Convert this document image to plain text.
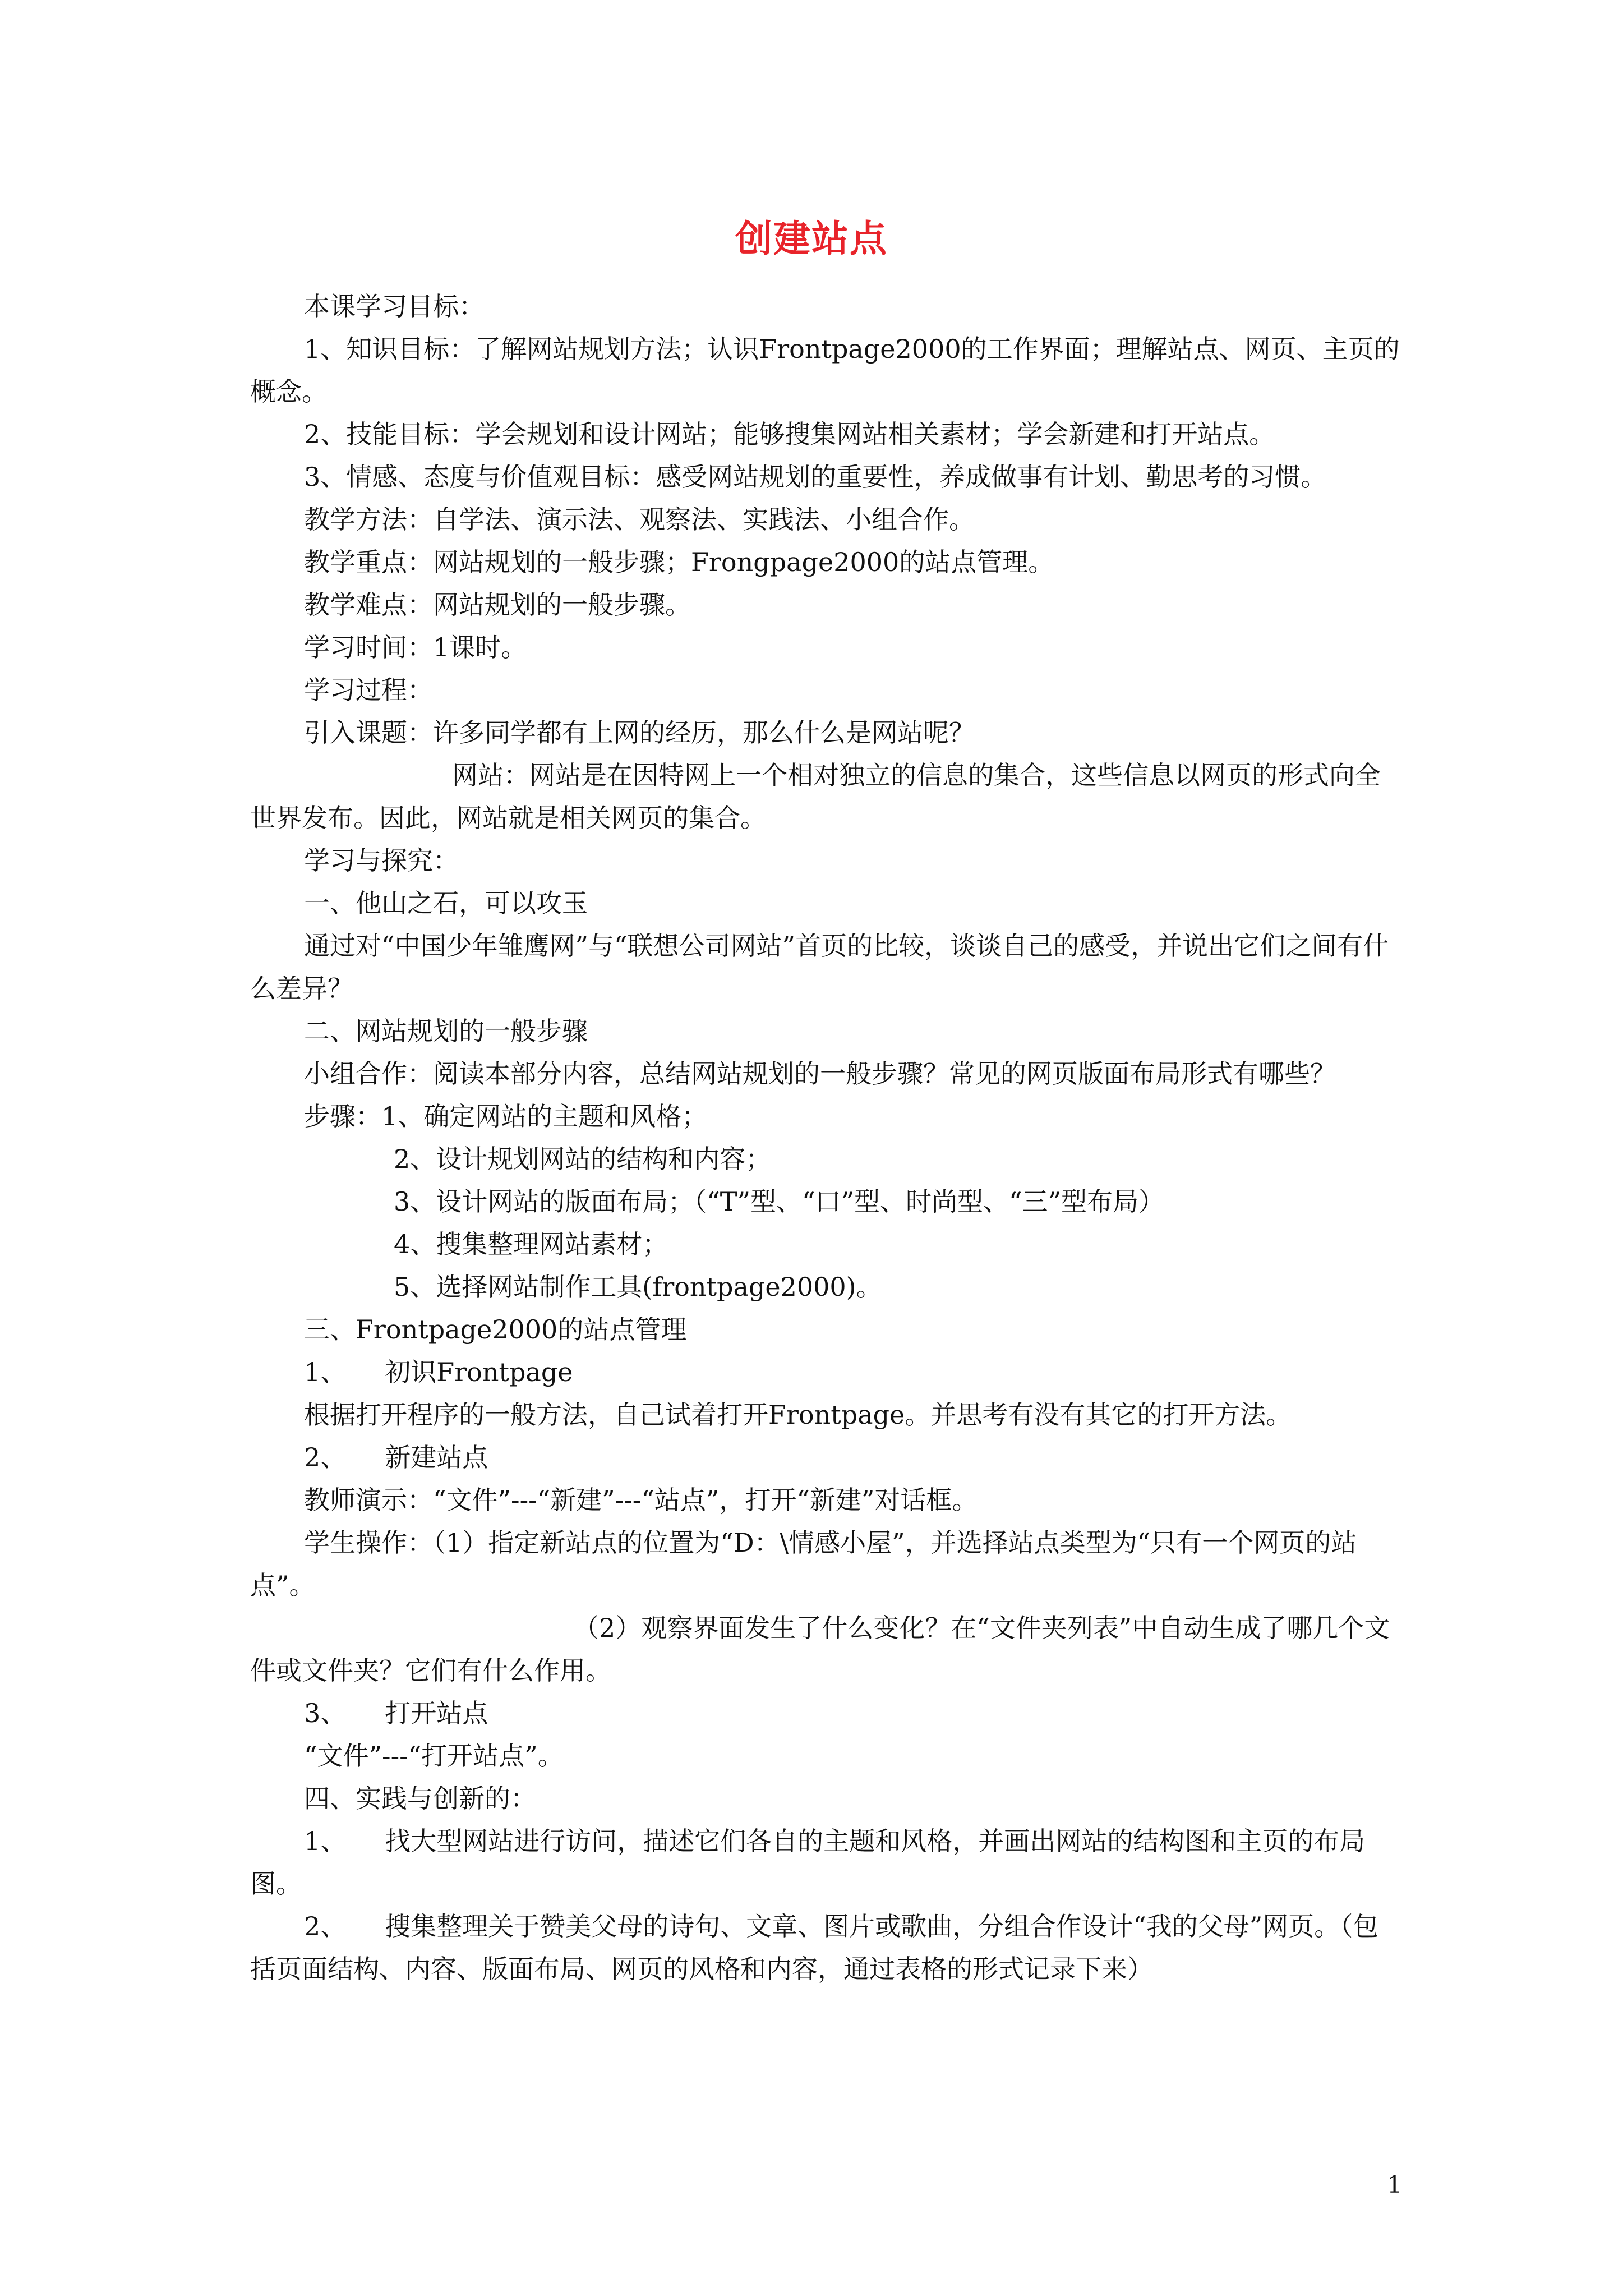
创建站点

本课学习目标：

1、知识目标：了解网站规划方法；认识Frontpage2000的工作界面；理解站点、网页、主页的概念。

2、技能目标：学会规划和设计网站；能够搜集网站相关素材；学会新建和打开站点。

3、情感、态度与价值观目标：感受网站规划的重要性，养成做事有计划、勤思考的习惯。

教学方法：自学法、演示法、观察法、实践法、小组合作。

教学重点：网站规划的一般步骤；Frongpage2000的站点管理。

教学难点：网站规划的一般步骤。

学习时间：1课时。

学习过程：

引入课题：许多同学都有上网的经历，那么什么是网站呢？

网站：网站是在因特网上一个相对独立的信息的集合，这些信息以网页的形式向全世界发布。因此，网站就是相关网页的集合。

学习与探究：

一、他山之石，可以攻玉

通过对“中国少年雏鹰网”与“联想公司网站”首页的比较，谈谈自己的感受，并说出它们之间有什么差异？

二、网站规划的一般步骤

小组合作：阅读本部分内容，总结网站规划的一般步骤？常见的网页版面布局形式有哪些？

步骤：1、确定网站的主题和风格；

2、设计规划网站的结构和内容；

3、设计网站的版面布局；（“T”型、“口”型、时尚型、“三”型布局）

4、搜集整理网站素材；

5、选择网站制作工具(frontpage2000)。

三、Frontpage2000的站点管理

1、　　初识Frontpage

根据打开程序的一般方法，自己试着打开Frontpage。并思考有没有其它的打开方法。

2、　　新建站点

教师演示：“文件”---“新建”---“站点”，打开“新建”对话框。

学生操作：（1）指定新站点的位置为“D：\情感小屋”，并选择站点类型为“只有一个网页的站点”。

（2）观察界面发生了什么变化？在“文件夹列表”中自动生成了哪几个文件或文件夹？它们有什么作用。

3、　　打开站点

“文件”---“打开站点”。

四、实践与创新的：

1、　　找大型网站进行访问，描述它们各自的主题和风格，并画出网站的结构图和主页的布局图。

2、　　搜集整理关于赞美父母的诗句、文章、图片或歌曲，分组合作设计“我的父母”网页。（包括页面结构、内容、版面布局、网页的风格和内容，通过表格的形式记录下来）

1
